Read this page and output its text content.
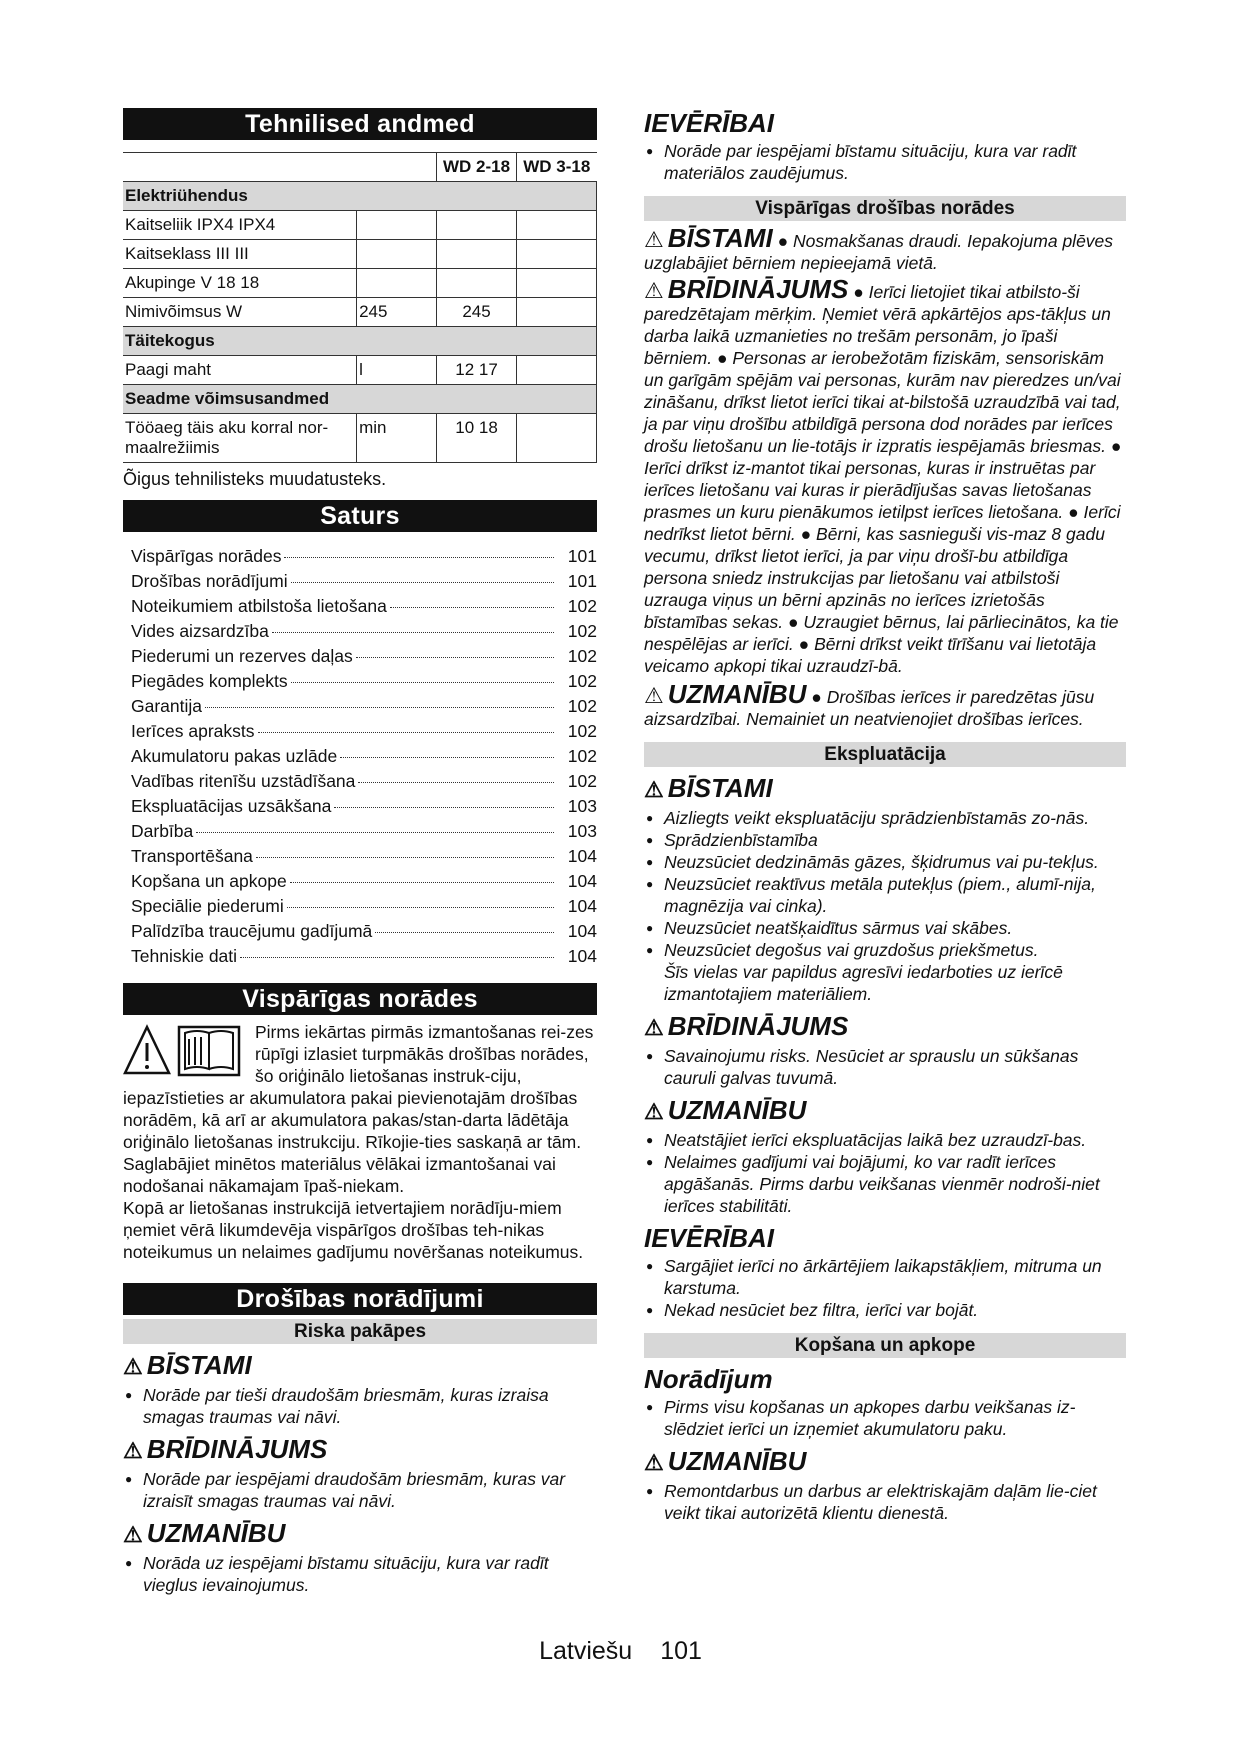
Tehnilised andmed
		WD 2-18	WD 3-18
Elektriühendus			
Kaitseliik IPX4 IPX4			
Kaitseklass III III			
Akupinge V 18 18			
Nimivõimsus W	245	245	
Täitekogus			
Paagi maht	l	12 17	
Seadme võimsusandmed			
Tööaeg täis aku korral nor-maalrežiimis	min	10 18	
Õigus tehnilisteks muudatusteks.
Saturs
Vispārīgas norādes	101
Drošības norādījumi	101
Noteikumiem atbilstoša lietošana	102
Vides aizsardzība	102
Piederumi un rezerves daļas	102
Piegādes komplekts	102
Garantija	102
Ierīces apraksts	102
Akumulatoru pakas uzlāde	102
Vadības ritenīšu uzstādīšana	102
Ekspluatācijas uzsākšana	103
Darbība	103
Transportēšana	104
Kopšana un apkope	104
Speciālie piederumi	104
Palīdzība traucējumu gadījumā	104
Tehniskie dati	104
Vispārīgas norādes

Pirms iekārtas pirmās izmantošanas rei-zes rūpīgi izlasiet turpmākās drošības norādes, šo oriģinālo lietošanas instruk-ciju, iepazīstieties ar akumulatora pakai pievienotajām drošības norādēm, kā arī ar akumulatora pakas/stan-darta lādētāja oriģinālo lietošanas instrukciju. Rīkojie-ties saskaņā ar tām. Saglabājiet minētos materiālus vēlākai izmantošanai vai nodošanai nākamajam īpaš-niekam.

Kopā ar lietošanas instrukcijā ietvertajiem norādīju-miem ņemiet vērā likumdevēja vispārīgos drošības teh-nikas noteikumus un nelaimes gadījumu novēršanas noteikumus.

Drošības norādījumi
Riska pakāpes
⚠ BĪSTAMI
● Norāde par tieši draudošām briesmām, kuras izraisa smagas traumas vai nāvi.
⚠ BRĪDINĀJUMS
● Norāde par iespējami draudošām briesmām, kuras var izraisīt smagas traumas vai nāvi.
⚠ UZMANĪBU
● Norāda uz iespējami bīstamu situāciju, kura var radīt vieglus ievainojumus.
IEVĒRĪBAI
● Norāde par iespējami bīstamu situāciju, kura var radīt materiālos zaudējumus.
Vispārīgas drošības norādes

⚠ BĪSTAMI ● Nosmakšanas draudi. Iepakojuma plēves uzglabājiet bērniem nepieejamā vietā.

⚠ BRĪDINĀJUMS ● Ierīci lietojiet tikai atbilsto-ši paredzētajam mērķim. Ņemiet vērā apkārtējos aps-tākļus un darba laikā uzmanieties no trešām personām, jo īpaši bērniem. ● Personas ar ierobežotām fiziskām, sensoriskām un garīgām spējām vai personas, kurām nav pieredzes un/vai zināšanu, drīkst lietot ierīci tikai at-bilstošā uzraudzībā vai tad, ja par viņu drošību atbildīgā persona dod norādes par ierīces drošu lietošanu un lie-totājs ir izpratis iespējamās briesmas. ● Ierīci drīkst iz-mantot tikai personas, kuras ir instruētas par ierīces lietošanu vai kuras ir pierādījušas savas lietošanas prasmes un kuru pienākumos ietilpst ierīces lietošana. ● Ierīci nedrīkst lietot bērni. ● Bērni, kas sasnieguši vis-maz 8 gadu vecumu, drīkst lietot ierīci, ja par viņu drošī-bu atbildīga persona sniedz instrukcijas par lietošanu vai atbilstoši uzrauga viņus un bērni apzinās no ierīces izrietošās bīstamības sekas. ● Uzraugiet bērnus, lai pārliecinātos, ka tie nespēlējas ar ierīci. ● Bērni drīkst veikt tīrīšanu vai lietotāja veicamo apkopi tikai uzraudzī-bā.

⚠ UZMANĪBU ● Drošības ierīces ir paredzētas jūsu aizsardzībai. Nemainiet un neatvienojiet drošības ierīces.

Ekspluatācija
⚠ BĪSTAMI
● Aizliegts veikt ekspluatāciju sprādzienbīstamās zo-nās.
● Sprādzienbīstamība
● Neuzsūciet dedzināmās gāzes, šķidrumus vai pu-tekļus.
● Neuzsūciet reaktīvus metāla putekļus (piem., alumī-nija, magnēzija vai cinka).
● Neuzsūciet neatšķaidītus sārmus vai skābes.
● Neuzsūciet degošus vai gruzdošus priekšmetus.

Šīs vielas var papildus agresīvi iedarboties uz ierīcē izmantotajiem materiāliem.

⚠ BRĪDINĀJUMS
● Savainojumu risks. Nesūciet ar sprauslu un sūkšanas cauruli galvas tuvumā.
⚠ UZMANĪBU
● Neatstājiet ierīci ekspluatācijas laikā bez uzraudzī-bas.
● Nelaimes gadījumi vai bojājumi, ko var radīt ierīces apgāšanās. Pirms darbu veikšanas vienmēr nodroši-niet ierīces stabilitāti.
IEVĒRĪBAI
● Sargājiet ierīci no ārkārtējiem laikapstākļiem, mitruma un karstuma.
● Nekad nesūciet bez filtra, ierīci var bojāt.
Kopšana un apkope
Norādījum
● Pirms visu kopšanas un apkopes darbu veikšanas iz-slēdziet ierīci un izņemiet akumulatoru paku.
⚠ UZMANĪBU
● Remontdarbus un darbus ar elektriskajām daļām lie-ciet veikt tikai autorizētā klientu dienestā.
Latviešu 101
